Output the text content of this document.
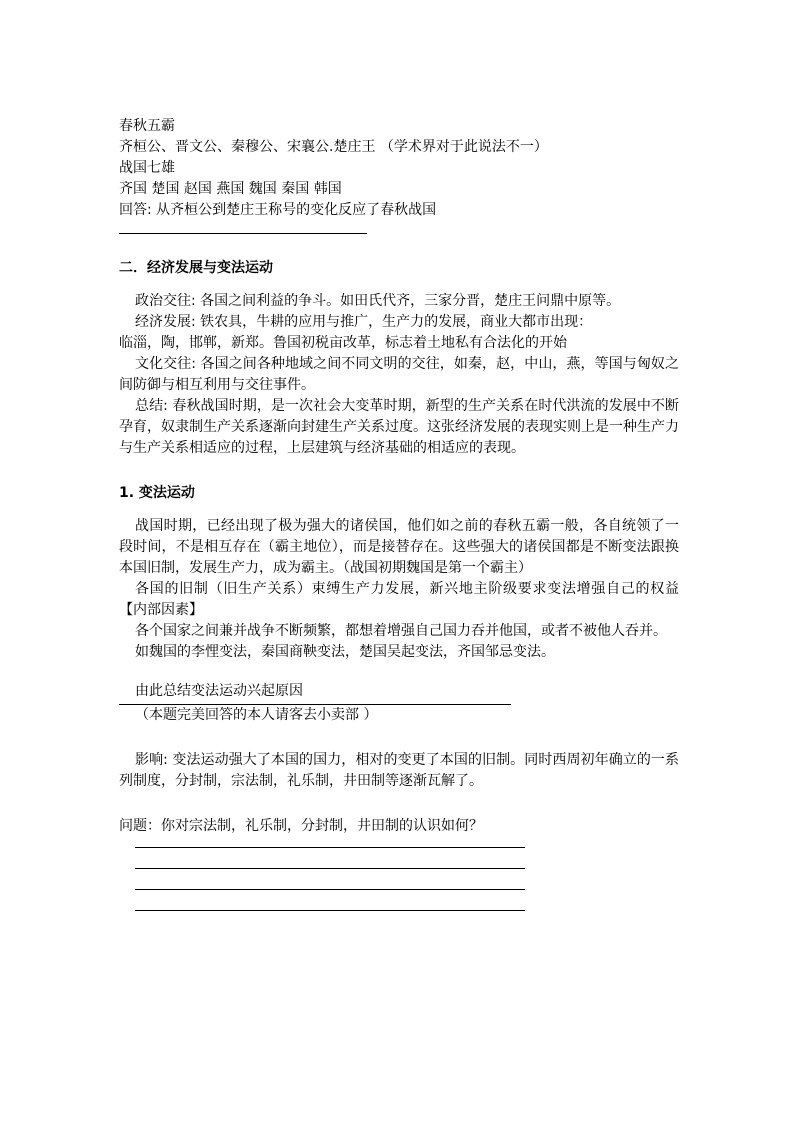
春秋五霸
齐桓公、晋文公、秦穆公、宋襄公.楚庄王 （学术界对于此说法不一）
战国七雄
齐国 楚国 赵国 燕国 魏国 秦国 韩国
回答: 从齐桓公到楚庄王称号的变化反应了春秋战国
二．经济发展与变法运动
政治交往: 各国之间利益的争斗。如田氏代齐，三家分晋，楚庄王问鼎中原等。
经济发展: 铁农具，牛耕的应用与推广，生产力的发展，商业大都市出现：
临淄，陶，邯郸，新郑。鲁国初税亩改革，标志着土地私有合法化的开始
文化交往: 各国之间各种地域之间不同文明的交往，如秦，赵，中山，燕，等国与匈奴之间防御与相互利用与交往事件。
总结: 春秋战国时期，是一次社会大变革时期，新型的生产关系在时代洪流的发展中不断孕育，奴隶制生产关系逐渐向封建生产关系过度。这张经济发展的表现实则上是一种生产力与生产关系相适应的过程，上层建筑与经济基础的相适应的表现。
1. 变法运动
战国时期，已经出现了极为强大的诸侯国，他们如之前的春秋五霸一般，各自统领了一段时间，不是相互存在（霸主地位），而是接替存在。这些强大的诸侯国都是不断变法跟换本国旧制，发展生产力，成为霸主。（战国初期魏国是第一个霸主）
各国的旧制（旧生产关系）束缚生产力发展，新兴地主阶级要求变法增强自己的权益【内部因素】
各个国家之间兼并战争不断频繁，都想着增强自己国力吞并他国，或者不被他人吞并。
如魏国的李悝变法，秦国商鞅变法，楚国吴起变法，齐国邹忌变法。
由此总结变法运动兴起原因
（本题完美回答的本人请客去小卖部 ）
影响: 变法运动强大了本国的国力，相对的变更了本国的旧制。同时西周初年确立的一系列制度，分封制，宗法制，礼乐制，井田制等逐渐瓦解了。
问题：你对宗法制，礼乐制，分封制，井田制的认识如何？
